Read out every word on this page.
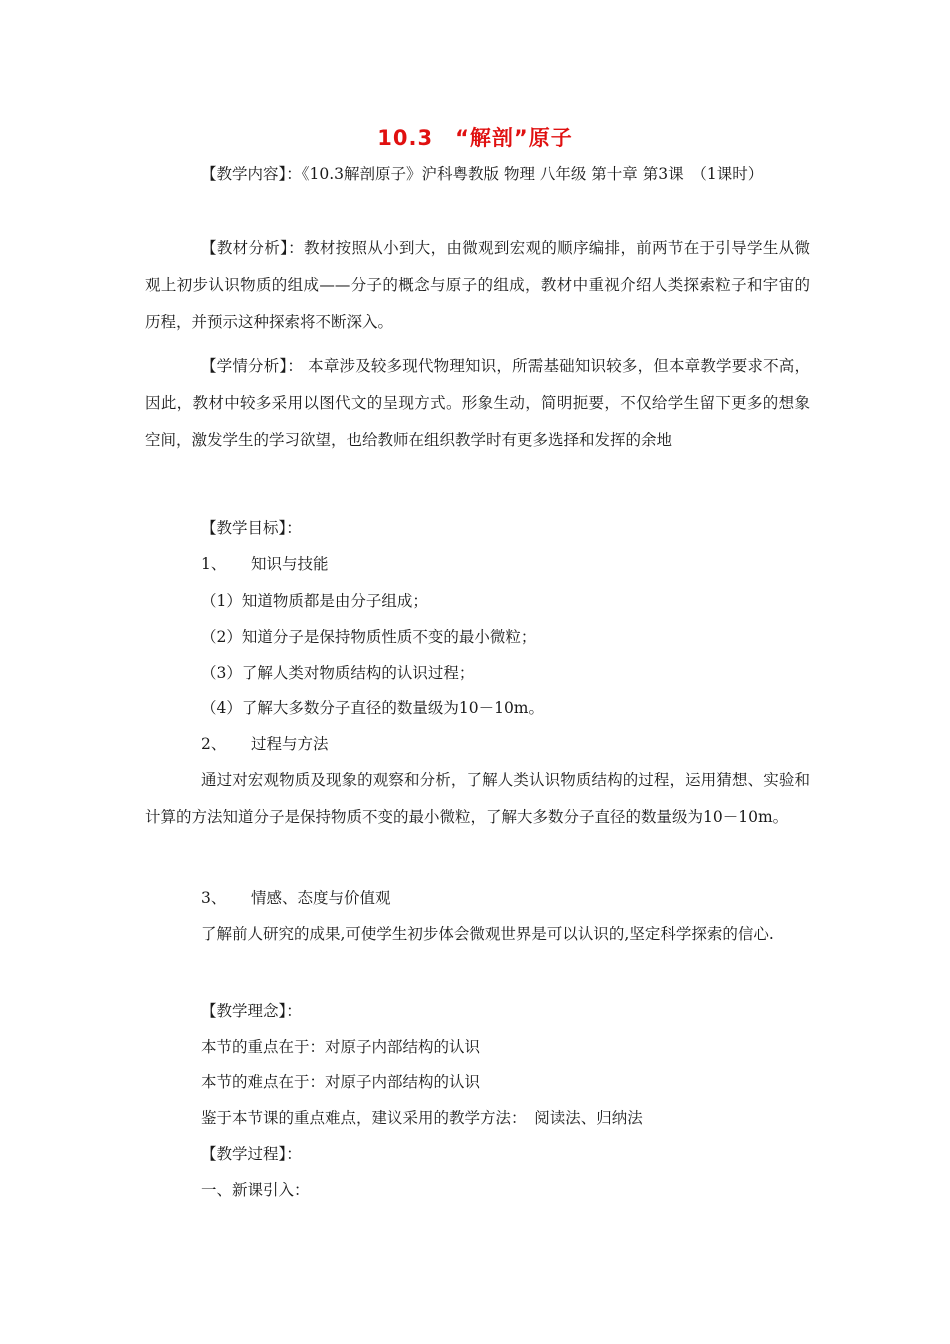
10.3　“解剖”原子
【教学内容】：《10.3解剖原子》沪科粤教版 物理 八年级 第十章 第3课　（1课时）
【教材分析】：教材按照从小到大，由微观到宏观的顺序编排，前两节在于引导学生从微观上初步认识物质的组成——分子的概念与原子的组成，教材中重视介绍人类探索粒子和宇宙的历程，并预示这种探索将不断深入。
【学情分析】： 本章涉及较多现代物理知识，所需基础知识较多，但本章教学要求不高，因此，教材中较多采用以图代文的呈现方式。形象生动，简明扼要，不仅给学生留下更多的想象空间，激发学生的学习欲望，也给教师在组织教学时有更多选择和发挥的余地
【教学目标】：
1、 知识与技能
（1）知道物质都是由分子组成；
（2）知道分子是保持物质性质不变的最小微粒；
（3）了解人类对物质结构的认识过程；
（4）了解大多数分子直径的数量级为10－10m。
2、 过程与方法
通过对宏观物质及现象的观察和分析，了解人类认识物质结构的过程，运用猜想、实验和计算的方法知道分子是保持物质不变的最小微粒，了解大多数分子直径的数量级为10－10m。
3、 情感、态度与价值观
了解前人研究的成果,可使学生初步体会微观世界是可以认识的,坚定科学探索的信心.
【教学理念】：
本节的重点在于：对原子内部结构的认识
本节的难点在于：对原子内部结构的认识
鉴于本节课的重点难点，建议采用的教学方法：　阅读法、归纳法
【教学过程】：
一、新课引入：
